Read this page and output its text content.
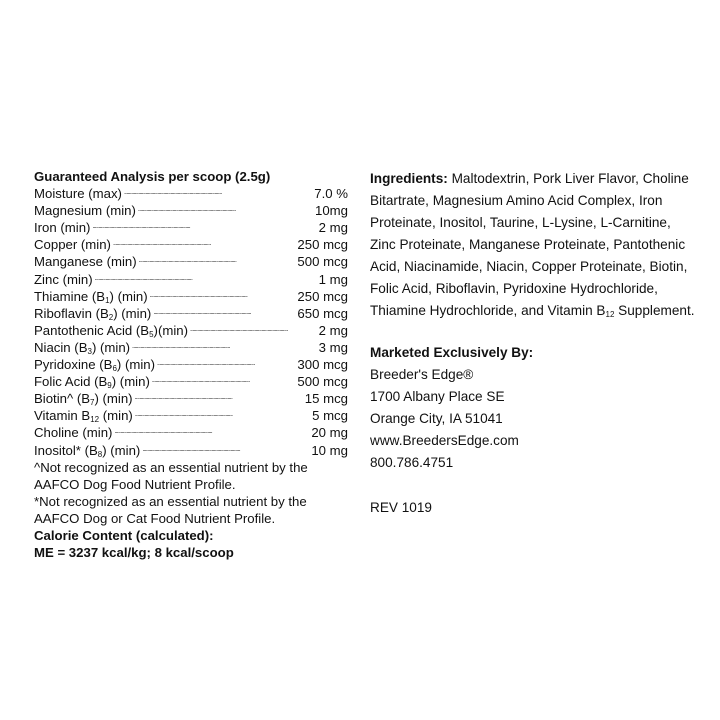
Guaranteed Analysis per scoop (2.5g)
Moisture (max) . . .	7.0 %
Magnesium (min) . . .	10mg
Iron (min) . . .	2 mg
Copper (min) . . .	250 mcg
Manganese (min) . . .	500 mcg
Zinc (min) . . .	1 mg
Thiamine $(B_1)$ (min) . . .	250 mcg
Riboflavin $(B_2)$ (min) . . .	650 mcg
Pantothenic Acid $(B_5)(\min)$ . . .	2 mg
Niacin $(B_3)$ (min) . . .	3 mg
Pyridoxine $(B_6)$ (min) . . .	300 mcg
Folic Acid $(B_9)$ (min) . . .	500 mcg
Biotin^ $(B_7)$ (min) . . .	15 mcg
Vitamin $B_{12}$ (min) . . .	5 mcg
Choline (min) . . .	20 mg
Inositol* $(B_8)$ (min) . . .	10 mg
^Not recognized as an essential nutrient by the AAFCO Dog Food Nutrient Profile.
*Not recognized as an essential nutrient by the AAFCO Dog or Cat Food Nutrient Profile.
Calorie Content (calculated):
ME = 3237 kcal/kg; 8 kcal/scoop
Ingredients: Maltodextrin, Pork Liver Flavor, Choline Bitartrate, Magnesium Amino Acid Complex, Iron Proteinate, Inositol, Taurine, L-Lysine, L-Carnitine, Zinc Proteinate, Manganese Proteinate, Pantothenic Acid, Niacinamide, Niacin, Copper Proteinate, Biotin, Folic Acid, Riboflavin, Pyridoxine Hydrochloride, Thiamine Hydrochloride, and Vitamin $B_{12}$ Supplement.
Marketed Exclusively By:
Breeder's Edge®
1700 Albany Place SE
Orange City, IA 51041
www.BreedersEdge.com
800.786.4751
REV 1019
